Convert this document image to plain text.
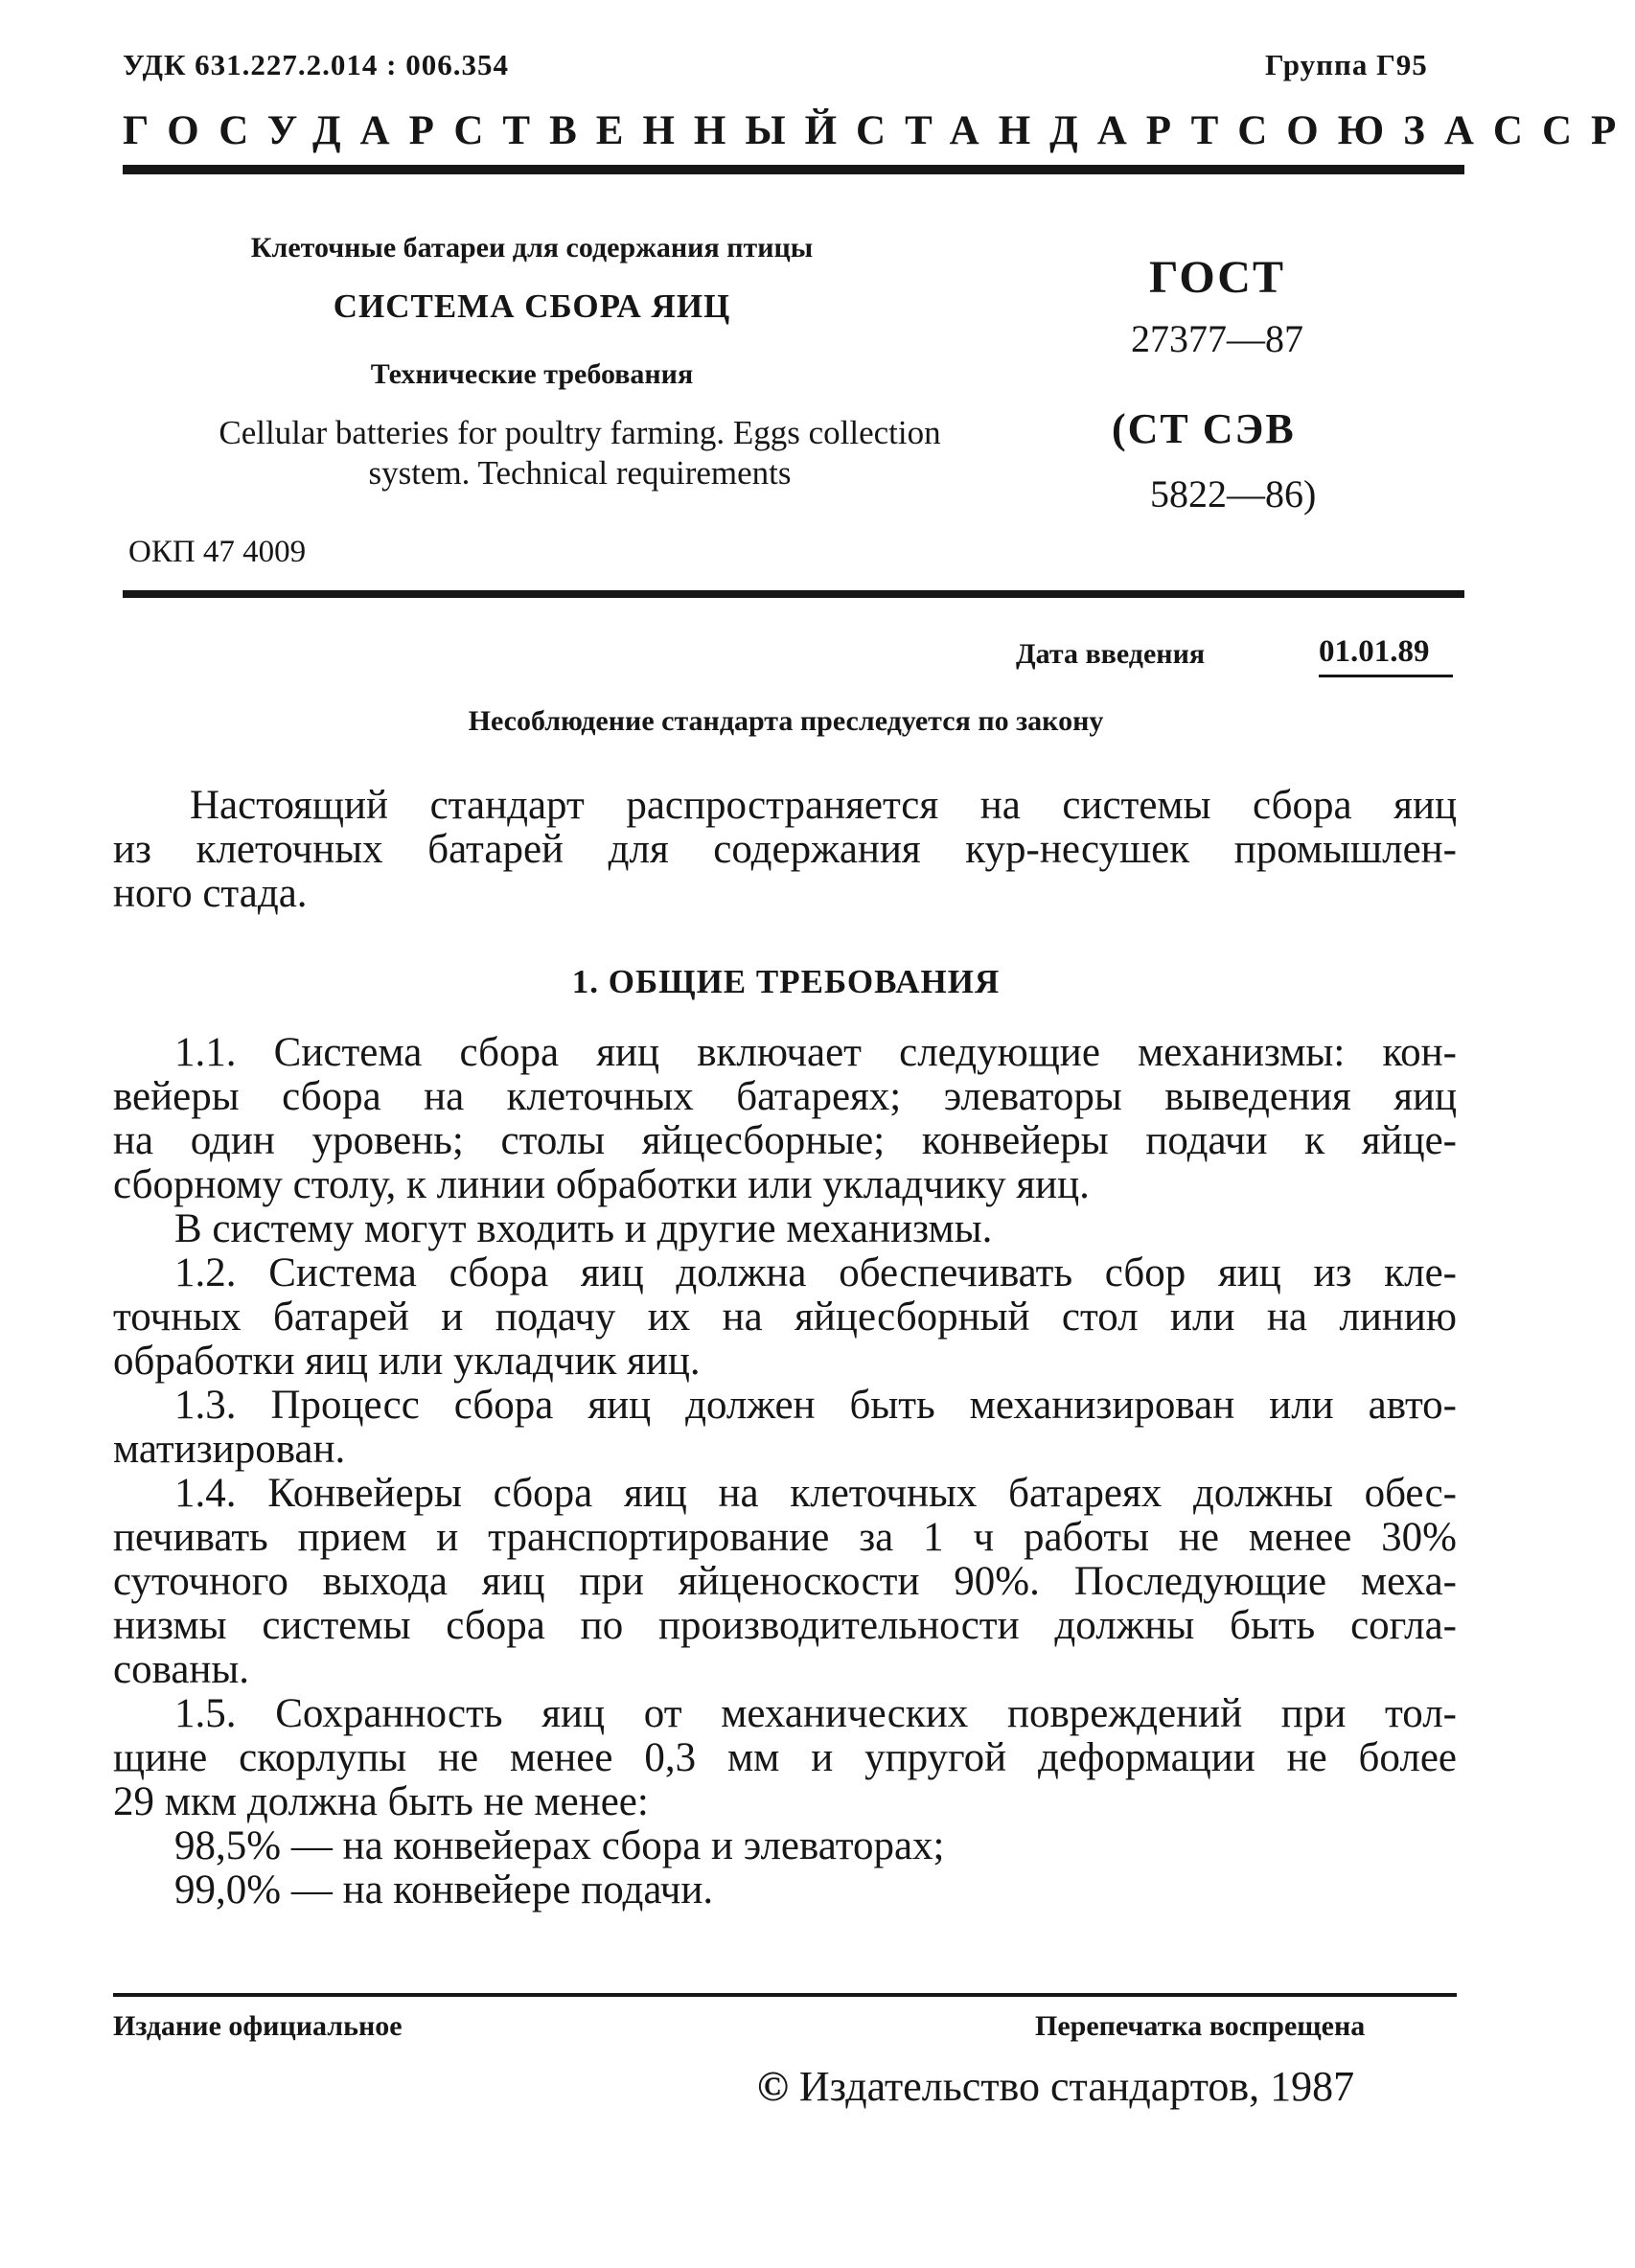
УДК 631.227.2.014 : 006.354	Группа Г95
ГОСУДАРСТВЕННЫЙ СТАНДАРТ СОЮЗА ССР
Клеточные батареи для содержания птицы
СИСТЕМА СБОРА ЯИЦ
Технические требования
Cellular batteries for poultry farming. Eggs collection
system. Technical requirements
ОКП 47 4009
ГОСТ
27377—87
(СТ СЭВ
5822—86)
Дата введения	01.01.89
Несоблюдение стандарта преследуется по закону
Настоящий стандарт распространяется на системы сбора яиц
из клеточных батарей для содержания кур-несушек промышлен-
ного стада.
1. ОБЩИЕ ТРЕБОВАНИЯ
1.1. Система сбора яиц включает следующие механизмы: кон-
вейеры сбора на клеточных батареях; элеваторы выведения яиц
на один уровень; столы яйцесборные; конвейеры подачи к яйце-
сборному столу, к линии обработки или укладчику яиц.
В систему могут входить и другие механизмы.
1.2. Система сбора яиц должна обеспечивать сбор яиц из кле-
точных батарей и подачу их на яйцесборный стол или на линию
обработки яиц или укладчик яиц.
1.3. Процесс сбора яиц должен быть механизирован или авто-
матизирован.
1.4. Конвейеры сбора яиц на клеточных батареях должны обес-
печивать прием и транспортирование за 1 ч работы не менее 30%
суточного выхода яиц при яйценоскости 90%. Последующие меха-
низмы системы сбора по производительности должны быть согла-
сованы.
1.5. Сохранность яиц от механических повреждений при тол-
щине скорлупы не менее 0,3 мм и упругой деформации не более
29 мкм должна быть не менее:
98,5% — на конвейерах сбора и элеваторах;
99,0% — на конвейере подачи.
Издание официальное	Перепечатка воспрещена
© Издательство стандартов, 1987
